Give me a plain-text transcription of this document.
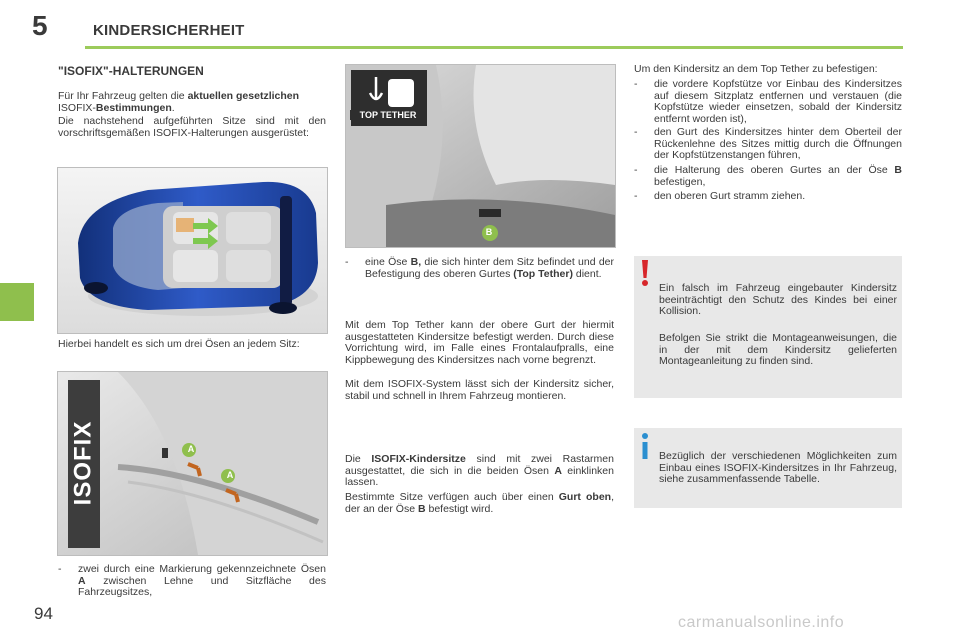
5	KINDERSICHERHEIT
"ISOFIX"-HALTERUNGEN
Für Ihr Fahrzeug gelten die aktuellen gesetzlichen
ISOFIX-Bestimmungen.
Die nachstehend aufgeführten Sitze sind mit den vorschriftsgemäßen ISOFIX-Halterungen ausgerüstet:
Hierbei handelt es sich um drei Ösen an jedem Sitz:
ISOFIX	A
A
-	zwei durch eine Markierung gekennzeichnete Ösen A zwischen Lehne und Sitzfläche des Fahrzeugsitzes,
TOP TETHER
B
-	eine Öse B, die sich hinter dem Sitz befindet und der Befestigung des oberen Gurtes (Top Tether) dient.
Mit dem Top Tether kann der obere Gurt der hiermit ausgestatteten Kindersitze befestigt werden. Durch diese Vorrichtung wird, im Falle eines Frontalaufpralls, eine Kippbewegung des Kindersitzes nach vorne begrenzt.
Mit dem ISOFIX-System lässt sich der Kindersitz sicher, stabil und schnell in Ihrem Fahrzeug montieren.
Die ISOFIX-Kindersitze sind mit zwei Rastarmen ausgestattet, die sich in die beiden Ösen A einklinken lassen.
Bestimmte Sitze verfügen auch über einen Gurt oben, der an der Öse B befestigt wird.
Um den Kindersitz an dem Top Tether zu befestigen:
-	die vordere Kopfstütze vor Einbau des Kindersitzes auf diesem Sitzplatz entfernen und verstauen (die Kopfstütze wieder einsetzen, sobald der Kindersitz entfernt worden ist),
-	den Gurt des Kindersitzes hinter dem Oberteil der Rückenlehne des Sitzes mittig durch die Öffnungen der Kopfstützenstangen führen,
-	die Halterung des oberen Gurtes an der Öse B befestigen,
-	den oberen Gurt stramm ziehen.
Ein falsch im Fahrzeug eingebauter Kindersitz beeinträchtigt den Schutz des Kindes bei einer Kollision.
Befolgen Sie strikt die Montageanweisungen, die in der mit dem Kindersitz gelieferten Montageanleitung zu finden sind.
Bezüglich der verschiedenen Möglichkeiten zum Einbau eines ISOFIX-Kindersitzes in Ihr Fahrzeug, siehe zusammenfassende Tabelle.
94	carmanualsonline.info
